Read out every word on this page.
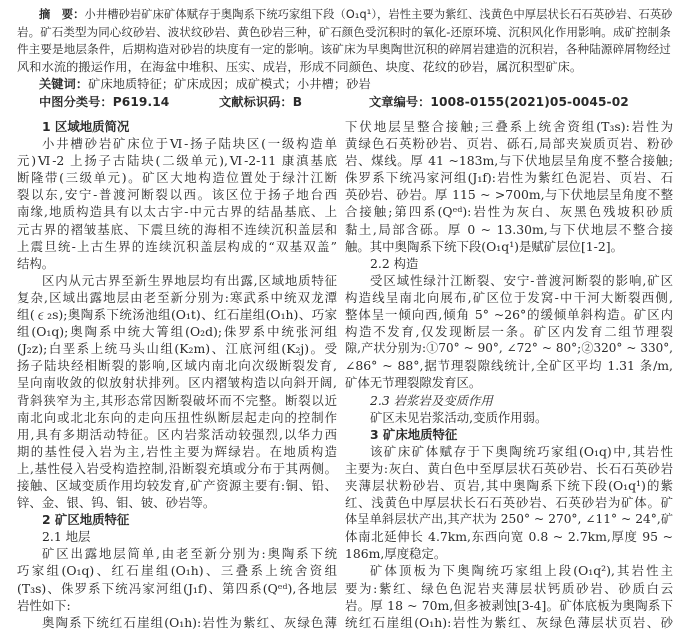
摘　要：小井槽砂岩矿床矿体赋存于奥陶系下统巧家组下段（O₁q¹），岩性主要为紫红、浅黄色中厚层状长石石英砂岩、石英砂

岩。矿石类型为同心纹砂岩、波状纹砂岩、黄色砂岩三种，矿石颜色受沉积时的氧化-还原环境、沉积风化作用影响。成矿控制条

件主要是地层条件，后期构造对砂岩的块度有一定的影响。该矿床为早奥陶世沉积的碎屑岩建造的沉积岩，各种陆源碎屑物经过

风和水流的搬运作用，在海盆中堆积、压实、成岩，形成不同颜色、块度、花纹的砂岩，属沉积型矿床。

关键词：矿床地质特征；矿床成因；成矿模式；小井槽；砂岩

中图分类号：P619.14	文献标识码：B	文章编号：1008-0155(2021)05-0045-02
1 区域地质简况
小井槽砂岩矿床位于Ⅵ-扬子陆块区(一级构造单
元)Ⅵ-2 上扬子古陆块(二级单元),Ⅵ-2-11 康滇基底
断隆带(三级单元)。矿区大地构造位置处于绿汁江断
裂以东,安宁-普渡河断裂以西。该区位于扬子地台西
南缘,地质构造具有以太古宇-中元古界的结晶基底、上
元古界的褶皱基底、下震旦统的海相不连续沉积盖层和
上震旦统-上古生界的连续沉积盖层构成的“双基双盖”
结构。
区内从元古界至新生界地层均有出露,区域地质特征
复杂,区域出露地层由老至新分别为:寒武系中统双龙潭
组(∊₂s);奥陶系下统汤池组(O₁t)、红石崖组(O₁h)、巧家
组(O₁q);奥陶系中统大箐组(O₂d);侏罗系中统张河组
(J₂z);白垩系上统马头山组(K₂m)、江底河组(K₂j)。受
扬子陆块经相断裂的影响,区域内南北向次级断裂发育,
呈向南收敛的似放射状排列。区内褶皱构造以向斜开阔,
背斜狭窄为主,其形态常因断裂破坏而不完整。断裂以近
南北向或北北东向的走向压扭性纵断层起走向的控制作
用,具有多期活动特征。区内岩浆活动较强烈,以华力西
期的基性侵入岩为主,岩性主要为辉绿岩。在地质构造
上,基性侵入岩受构造控制,沿断裂充填或分布于其两侧。
接触、区域变质作用均较发育,矿产资源主要有:铜、铅、
锌、金、银、钨、钼、铍、砂岩等。
2 矿区地质特征
2.1 地层
矿区出露地层简单,由老至新分别为:奥陶系下统
巧家组(O₁q)、红石崖组(O₁h)、三叠系上统舍资组
(T₃s)、侏罗系下统冯家河组(J₁f)、第四系(Qᵉᵈ),各地层
岩性如下:
奥陶系下统红石崖组(O₁h):岩性为紫红、灰绿色薄
下伏地层呈整合接触;三叠系上统舍资组(T₃s):岩性为
黄绿色石英粉砂岩、页岩、砾石,局部夹炭质页岩、粉砂
岩、煤线。厚 41 ~183m,与下伏地层呈角度不整合接触;
侏罗系下统冯家河组(J₁f):岩性为紫红色泥岩、页岩、石
英砂岩、砂岩。厚 115 ~ >700m,与下伏地层呈角度不整
合接触;第四系(Qᵉᵈ):岩性为灰白、灰黑色残坡积砂质
黏土,局部含砾。厚 0 ~ 13.30m,与下伏地层不整合接
触。其中奥陶系下统下段(O₁q¹)是赋矿层位[1-2]。
2.2 构造
受区域性绿汁江断裂、安宁-普渡河断裂的影响,矿区
构造线呈南北向展布,矿区位于发窝-中干河大断裂西侧,
整体呈一倾向西,倾角 5° ~26°的缓倾单斜构造。矿区内
构造不发育,仅发现断层一条。矿区内发育二组节理裂
隙,产状分别为:①70° ~ 90°, ∠72° ~ 80°;②320° ~ 330°,
∠86° ~ 88°,据节理裂隙线统计,全矿区平均 1.31 条/m,
矿体无节理裂隙发育区。
2.3 岩浆岩及变质作用
矿区未见岩浆活动,变质作用弱。
3 矿床地质特征
该矿床矿体赋存于下奥陶统巧家组(O₁q)中,其岩性
主要为:灰白、黄白色中至厚层状石英砂岩、长石石英砂岩
夹薄层状粉砂岩、页岩,其中奥陶系下统下段(O₁q¹)的紫
红、浅黄色中厚层状长石石英砂岩、石英砂岩为矿体。矿
体呈单斜层状产出,其产状为 250° ~ 270°, ∠11° ~ 24°,矿
体南北延伸长 4.7km,东西向宽 0.8 ~ 2.7km,厚度 95 ~
186m,厚度稳定。
矿体顶板为下奥陶统巧家组上段(O₁q²),其岩性主
要为:紫红、绿色色泥岩夹薄层状钙质砂岩、砂质白云
岩。厚 18 ~ 70m,但多被剥蚀[3-4]。矿体底板为奥陶系下
统红石崖组(O₁h):岩性为紫红、灰绿色薄层状页岩、砂
